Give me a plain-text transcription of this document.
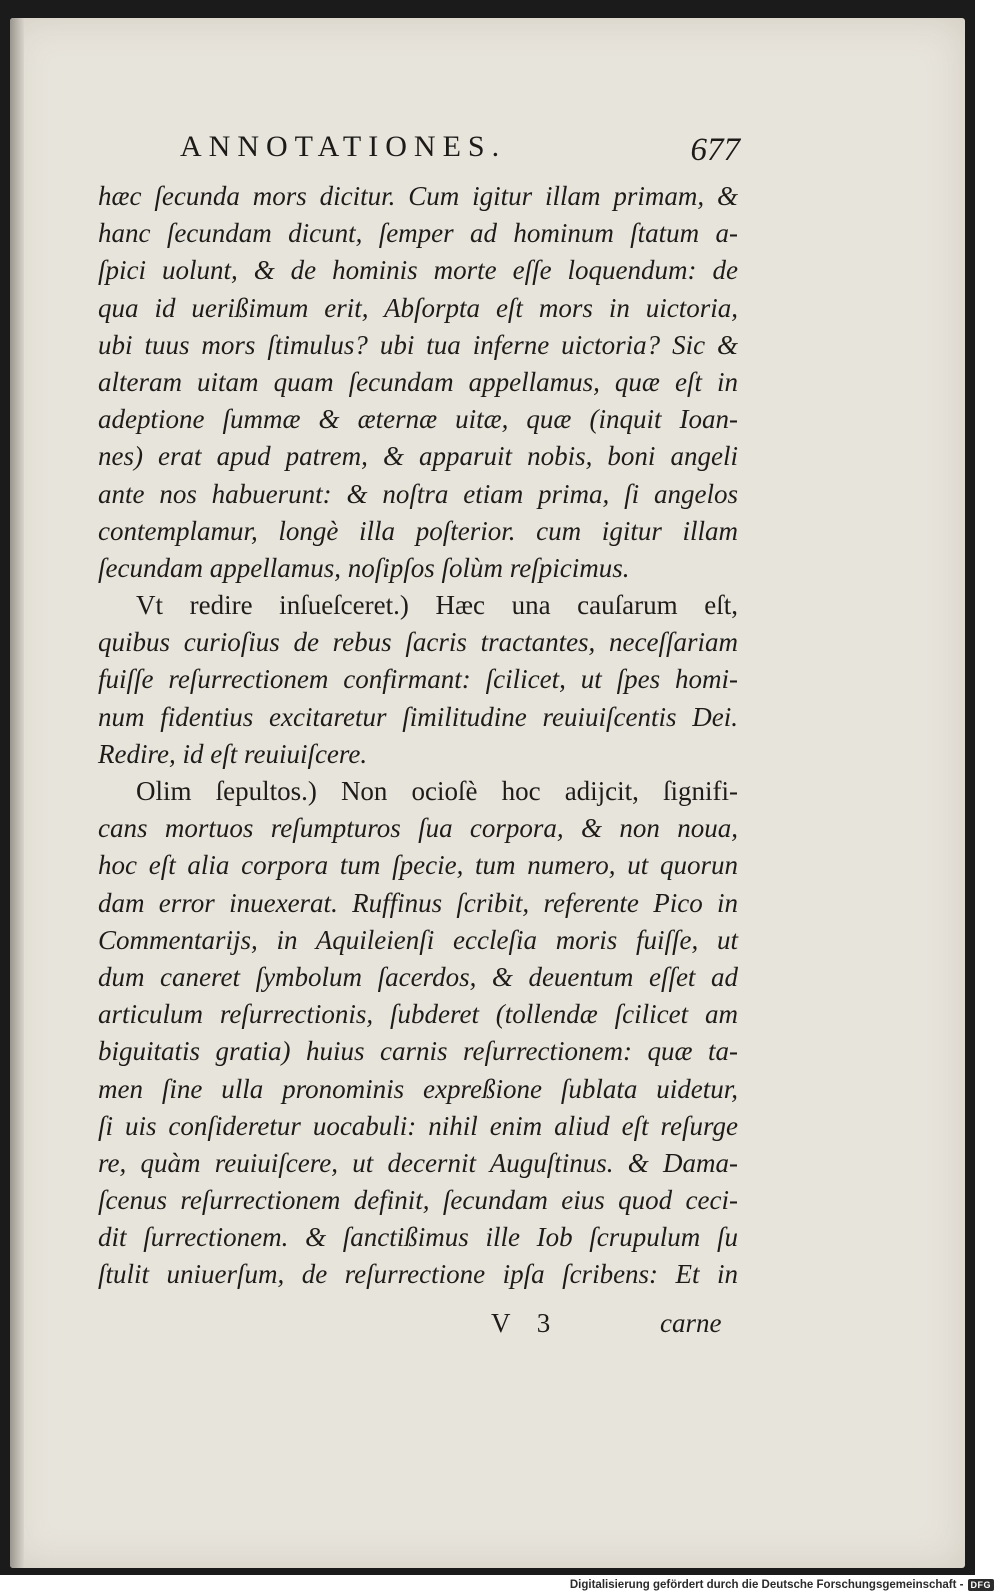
ANNOTATIONES.	677
hæc ſecunda mors dicitur. Cum igitur illam primam, &
hanc ſecundam dicunt, ſemper ad hominum ſtatum a-
ſpici uolunt, & de hominis morte eſſe loquendum: de
qua id uerißimum erit, Abſorpta eſt mors in uictoria,
ubi tuus mors ſtimulus? ubi tua inferne uictoria? Sic &
alteram uitam quam ſecundam appellamus, quæ eſt in
adeptione ſummæ & æternæ uitæ, quæ (inquit Ioan-
nes) erat apud patrem, & apparuit nobis, boni angeli
ante nos habuerunt: & noſtra etiam prima, ſi angelos
contemplamur, longè illa poſterior. cum igitur illam
ſecundam appellamus, noſipſos ſolùm reſpicimus.
Vt redire inſueſceret.) Hæc una cauſarum eſt,
quibus curioſius de rebus ſacris tractantes, neceſſariam
fuiſſe reſurrectionem confirmant: ſcilicet, ut ſpes homi-
num fidentius excitaretur ſimilitudine reuiuiſcentis Dei.
Redire, id eſt reuiuiſcere.
Olim ſepultos.) Non ocioſè hoc adijcit, ſignifi-
cans mortuos reſumpturos ſua corpora, & non noua,
hoc eſt alia corpora tum ſpecie, tum numero, ut quorun
dam error inuexerat. Ruffinus ſcribit, referente Pico in
Commentarijs, in Aquileienſi eccleſia moris fuiſſe, ut
dum caneret ſymbolum ſacerdos, & deuentum eſſet ad
articulum reſurrectionis, ſubderet (tollendæ ſcilicet am
biguitatis gratia) huius carnis reſurrectionem: quæ ta-
men ſine ulla pronominis expreßione ſublata uidetur,
ſi uis conſideretur uocabuli: nihil enim aliud eſt reſurge
re, quàm reuiuiſcere, ut decernit Auguſtinus. & Dama-
ſcenus reſurrectionem definit, ſecundam eius quod ceci-
dit ſurrectionem. & ſanctißimus ille Iob ſcrupulum ſu
ſtulit uniuerſum, de reſurrectione ipſa ſcribens: Et in
V 3	carne
Digitalisierung gefördert durch die Deutsche Forschungsgemeinschaft - DFG
